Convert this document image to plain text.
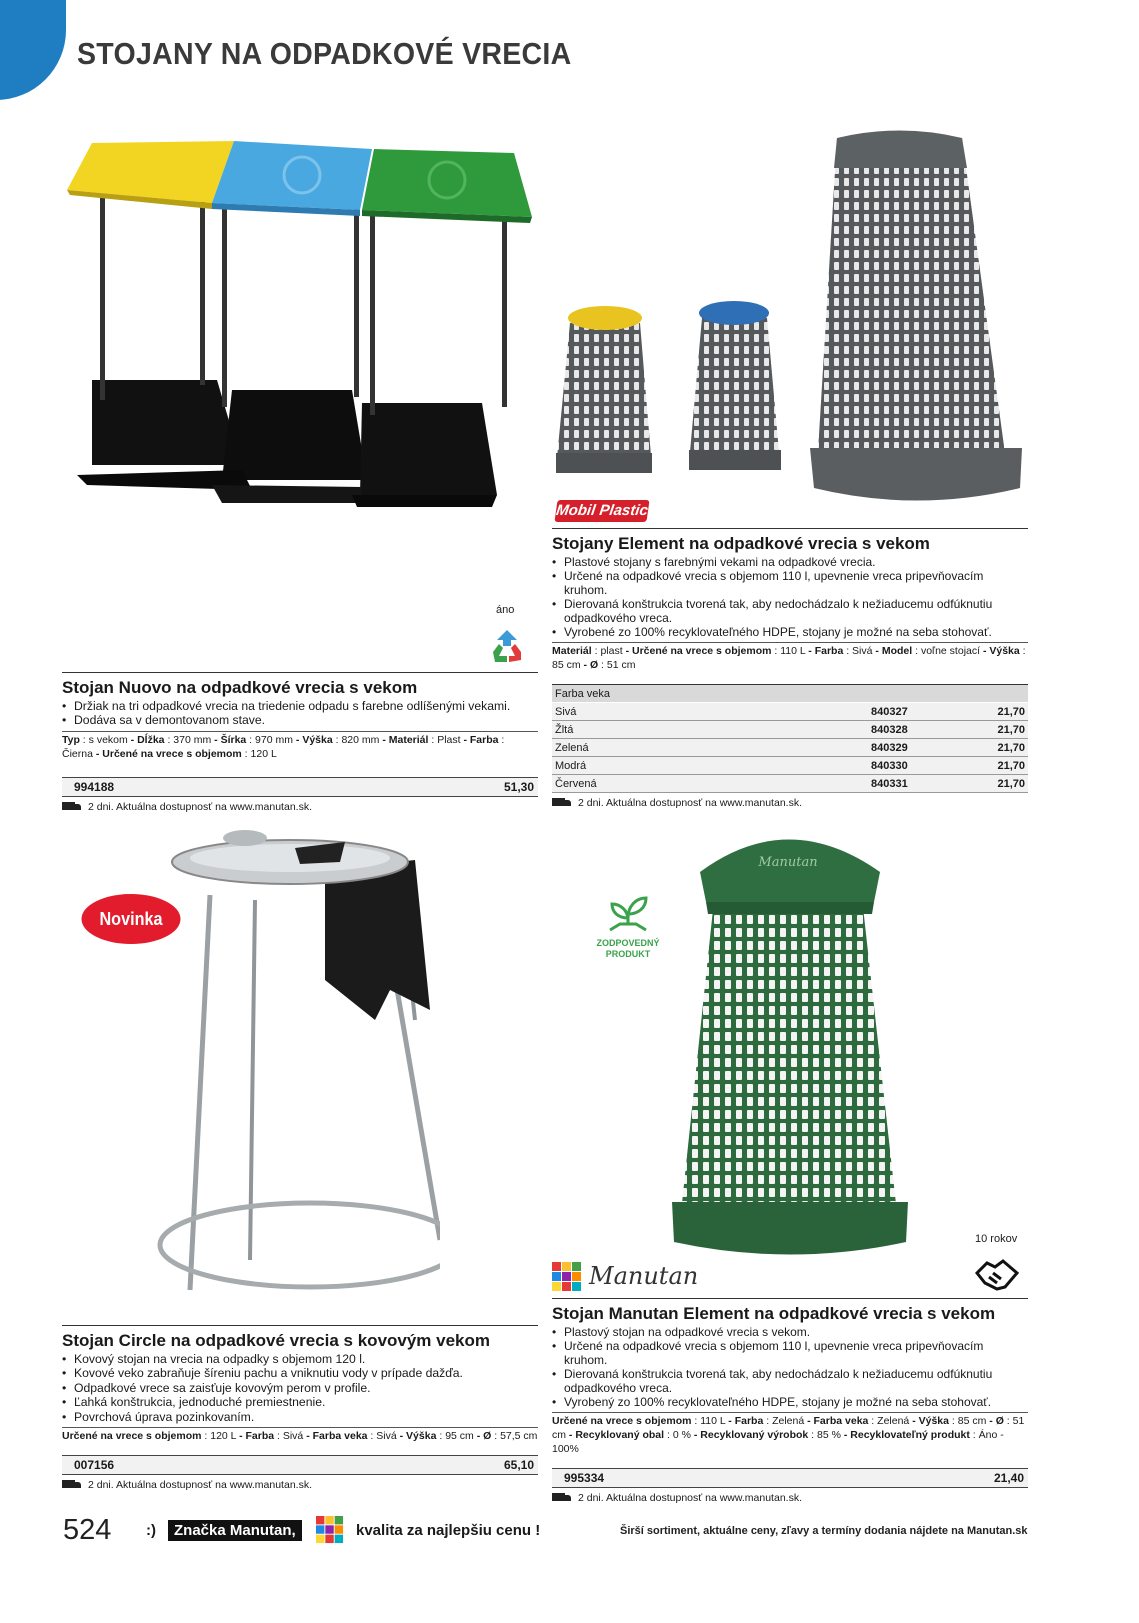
STOJANY NA ODPADKOVÉ VRECIA
áno
Stojan Nuovo na odpadkové vrecia s vekom
• Držiak na tri odpadkové vrecia na triedenie odpadu s farebne odlíšenými vekami.
• Dodáva sa v demontovanom stave.
Typ : s vekom - Dĺžka : 370 mm - Šírka : 970 mm - Výška : 820 mm - Materiál : Plast - Farba : Čierna - Určené na vrece s objemom : 120 L
994188	51,30
2 dni. Aktuálna dostupnosť na www.manutan.sk.
Mobil Plastic
Stojany Element na odpadkové vrecia s vekom
• Plastové stojany s farebnými vekami na odpadkové vrecia.
• Určené na odpadkové vrecia s objemom 110 l, upevnenie vreca pripevňovacím kruhom.
• Dierovaná konštrukcia tvorená tak, aby nedochádzalo k nežiaducemu odfúknutiu odpadkového vreca.
• Vyrobené zo 100% recyklovateľného HDPE, stojany je možné na seba stohovať.
Materiál : plast - Určené na vrece s objemom : 110 L - Farba : Sivá - Model : voľne stojací - Výška : 85 cm - Ø : 51 cm
Farba veka		
Sivá	840327	21,70
Žltá	840328	21,70
Zelená	840329	21,70
Modrá	840330	21,70
Červená	840331	21,70
2 dni. Aktuálna dostupnosť na www.manutan.sk.
Novinka
Stojan Circle na odpadkové vrecia s kovovým vekom
• Kovový stojan na vrecia na odpadky s objemom 120 l.
• Kovové veko zabraňuje šíreniu pachu a vniknutiu vody v prípade dažďa.
• Odpadkové vrece sa zaisťuje kovovým perom v profile.
• Ľahká konštrukcia, jednoduché premiestnenie.
• Povrchová úprava pozinkovaním.
Určené na vrece s objemom : 120 L - Farba : Sivá - Farba veka : Sivá - Výška : 95 cm - Ø : 57,5 cm
007156	65,10
2 dni. Aktuálna dostupnosť na www.manutan.sk.
ZODPOVEDNÝ
PRODUKT
Manutan
10 rokov
Manutan
Stojan Manutan Element na odpadkové vrecia s vekom
• Plastový stojan na odpadkové vrecia s vekom.
• Určené na odpadkové vrecia s objemom 110 l, upevnenie vreca pripevňovacím kruhom.
• Dierovaná konštrukcia tvorená tak, aby nedochádzalo k nežiaducemu odfúknutiu odpadkového vreca.
• Vyrobený zo 100% recyklovateľného HDPE, stojany je možné na seba stohovať.
Určené na vrece s objemom : 110 L - Farba : Zelená - Farba veka : Zelená - Výška : 85 cm - Ø : 51 cm - Recyklovaný obal : 0 % - Recyklovaný výrobok : 85 % - Recyklovateľný produkt : Áno - 100%
995334	21,40
2 dni. Aktuálna dostupnosť na www.manutan.sk.
524 :)	Značka Manutan,	kvalita za najlepšiu cenu !	Širší sortiment, aktuálne ceny, zľavy a termíny dodania nájdete na Manutan.sk
